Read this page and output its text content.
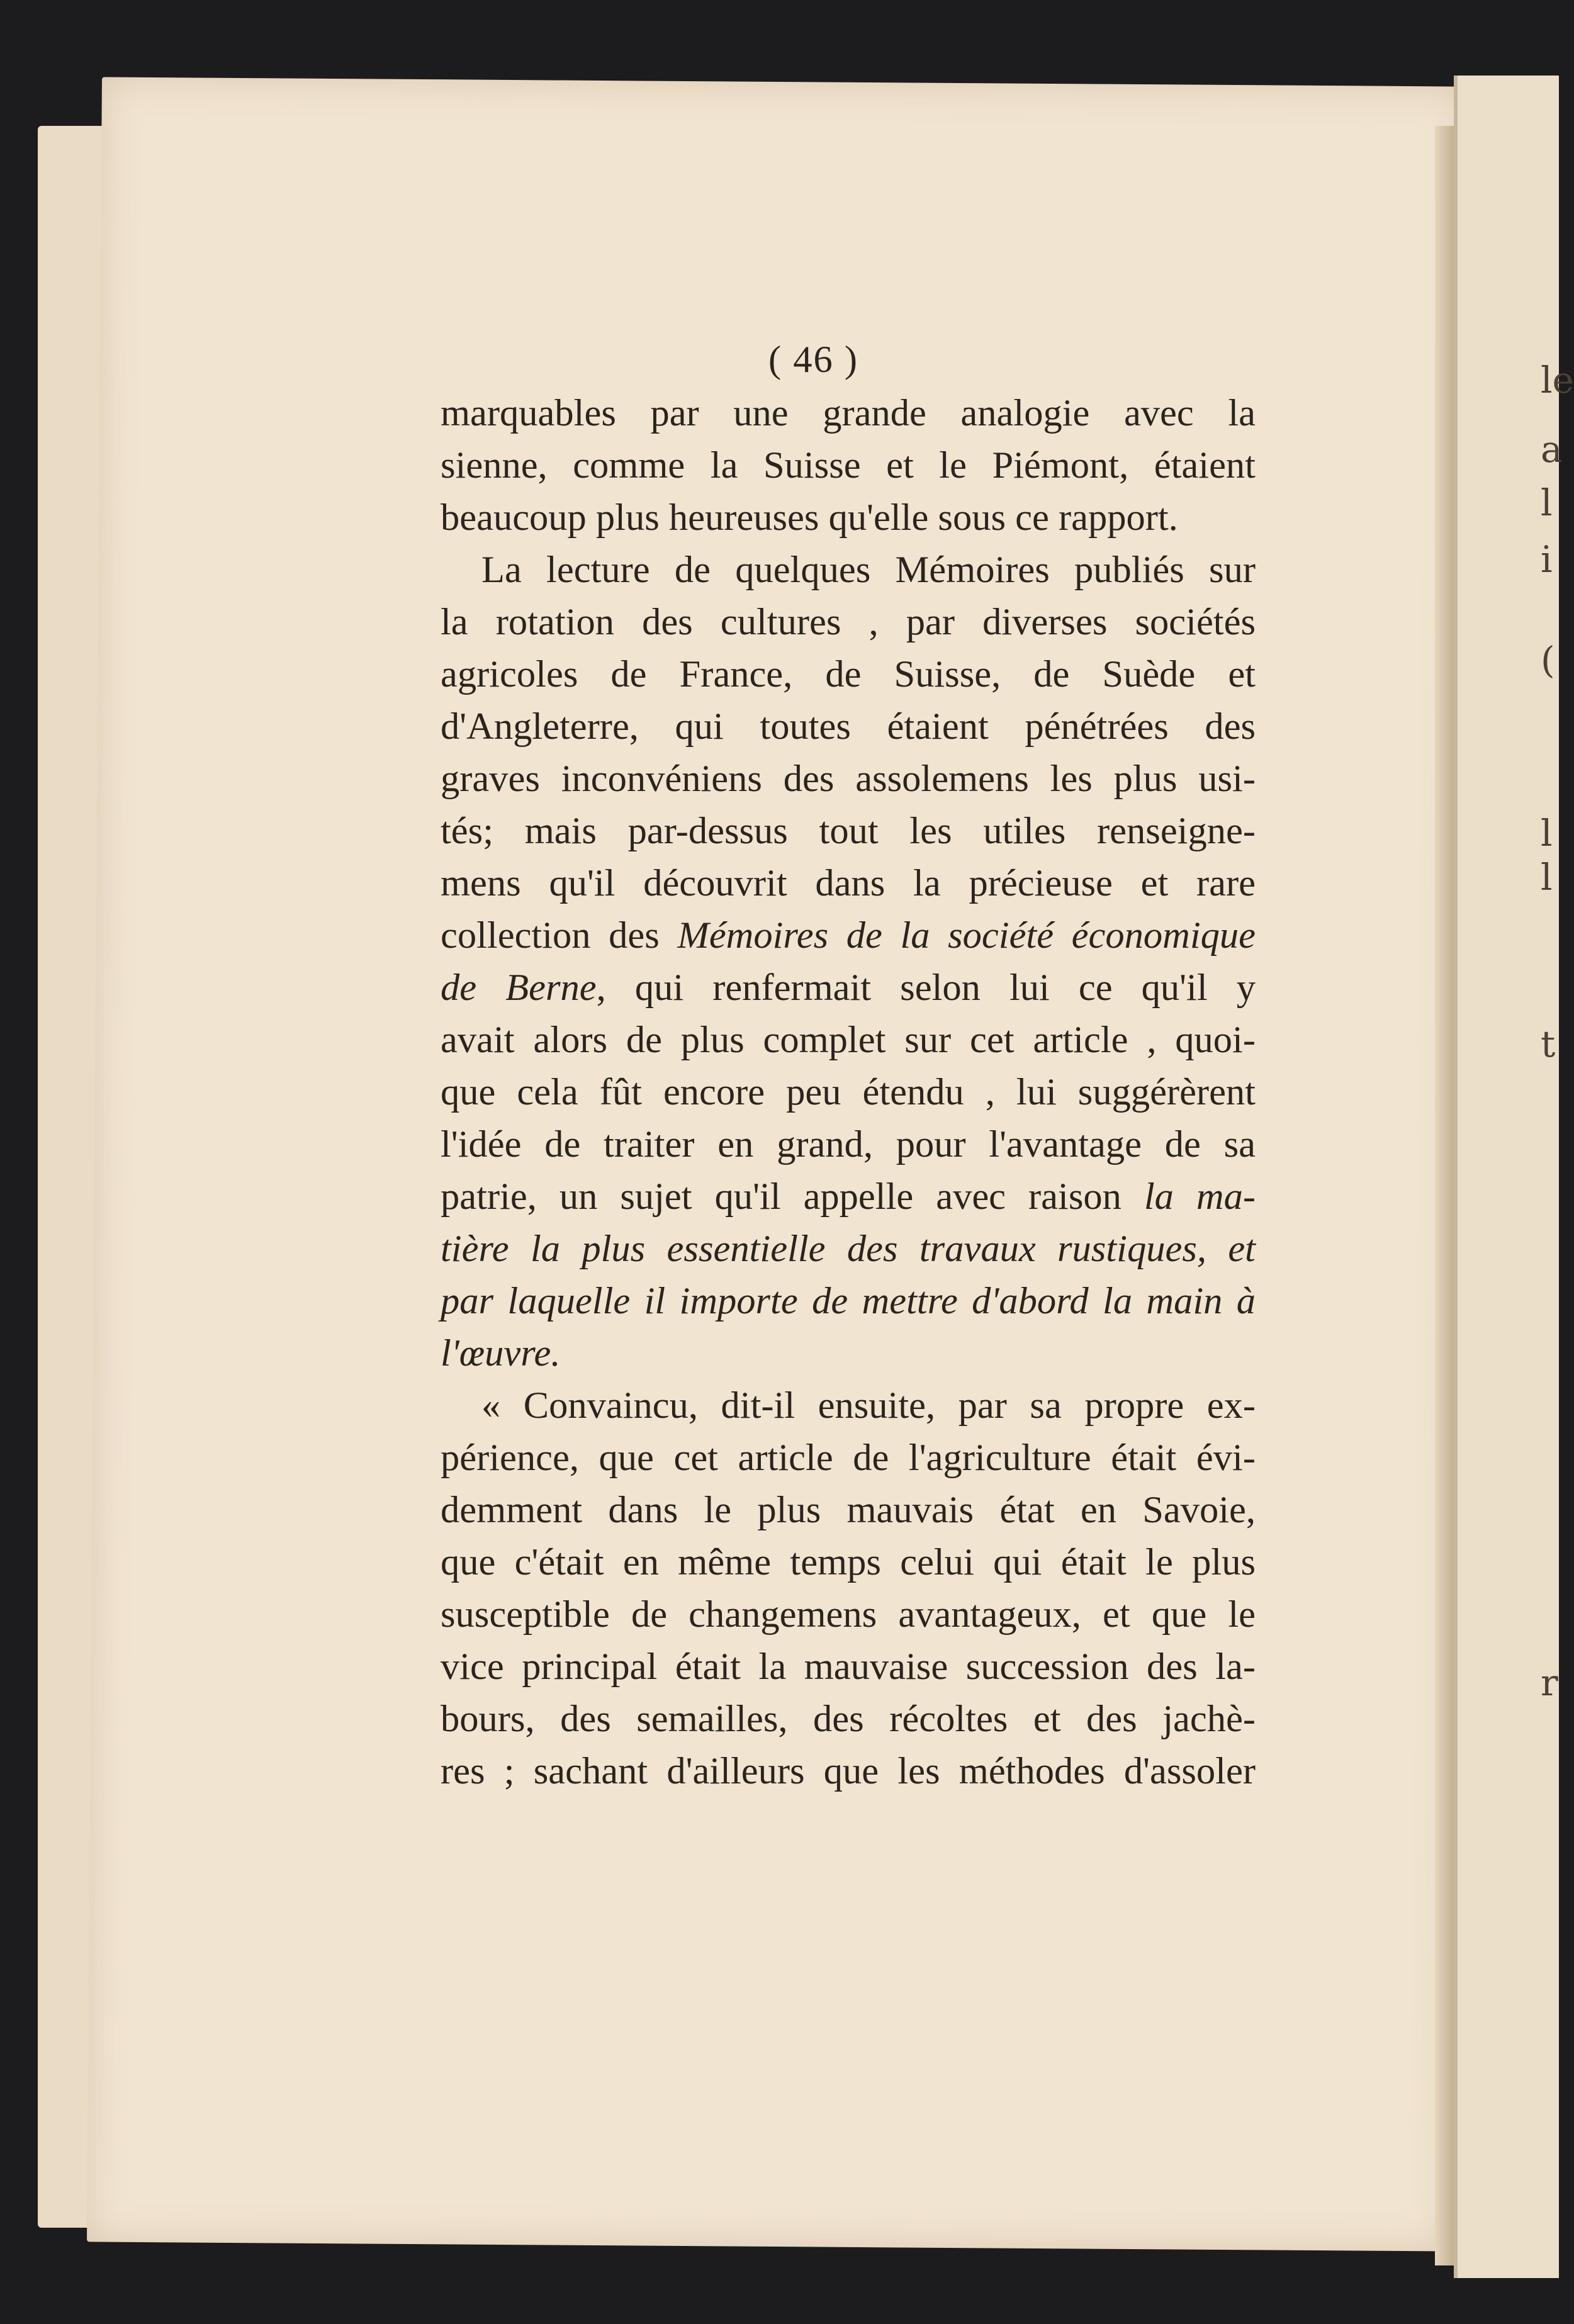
le
a
l
i
(
l
l
t
r
( 46 )
marquables par une grande analogie avec la
sienne, comme la Suisse et le Piémont, étaient
beaucoup plus heureuses qu'elle sous ce rapport.
La lecture de quelques Mémoires publiés sur
la rotation des cultures , par diverses sociétés
agricoles de France, de Suisse, de Suède et
d'Angleterre, qui toutes étaient pénétrées des
graves inconvéniens des assolemens les plus usi-
tés; mais par-dessus tout les utiles renseigne-
mens qu'il découvrit dans la précieuse et rare
collection des Mémoires de la société économique
de Berne, qui renfermait selon lui ce qu'il y
avait alors de plus complet sur cet article , quoi-
que cela fût encore peu étendu , lui suggérèrent
l'idée de traiter en grand, pour l'avantage de sa
patrie, un sujet qu'il appelle avec raison la ma-
tière la plus essentielle des travaux rustiques, et
par laquelle il importe de mettre d'abord la main à
l'œuvre.
« Convaincu, dit-il ensuite, par sa propre ex-
périence, que cet article de l'agriculture était évi-
demment dans le plus mauvais état en Savoie,
que c'était en même temps celui qui était le plus
susceptible de changemens avantageux, et que le
vice principal était la mauvaise succession des la-
bours, des semailles, des récoltes et des jachè-
res ; sachant d'ailleurs que les méthodes d'assoler
